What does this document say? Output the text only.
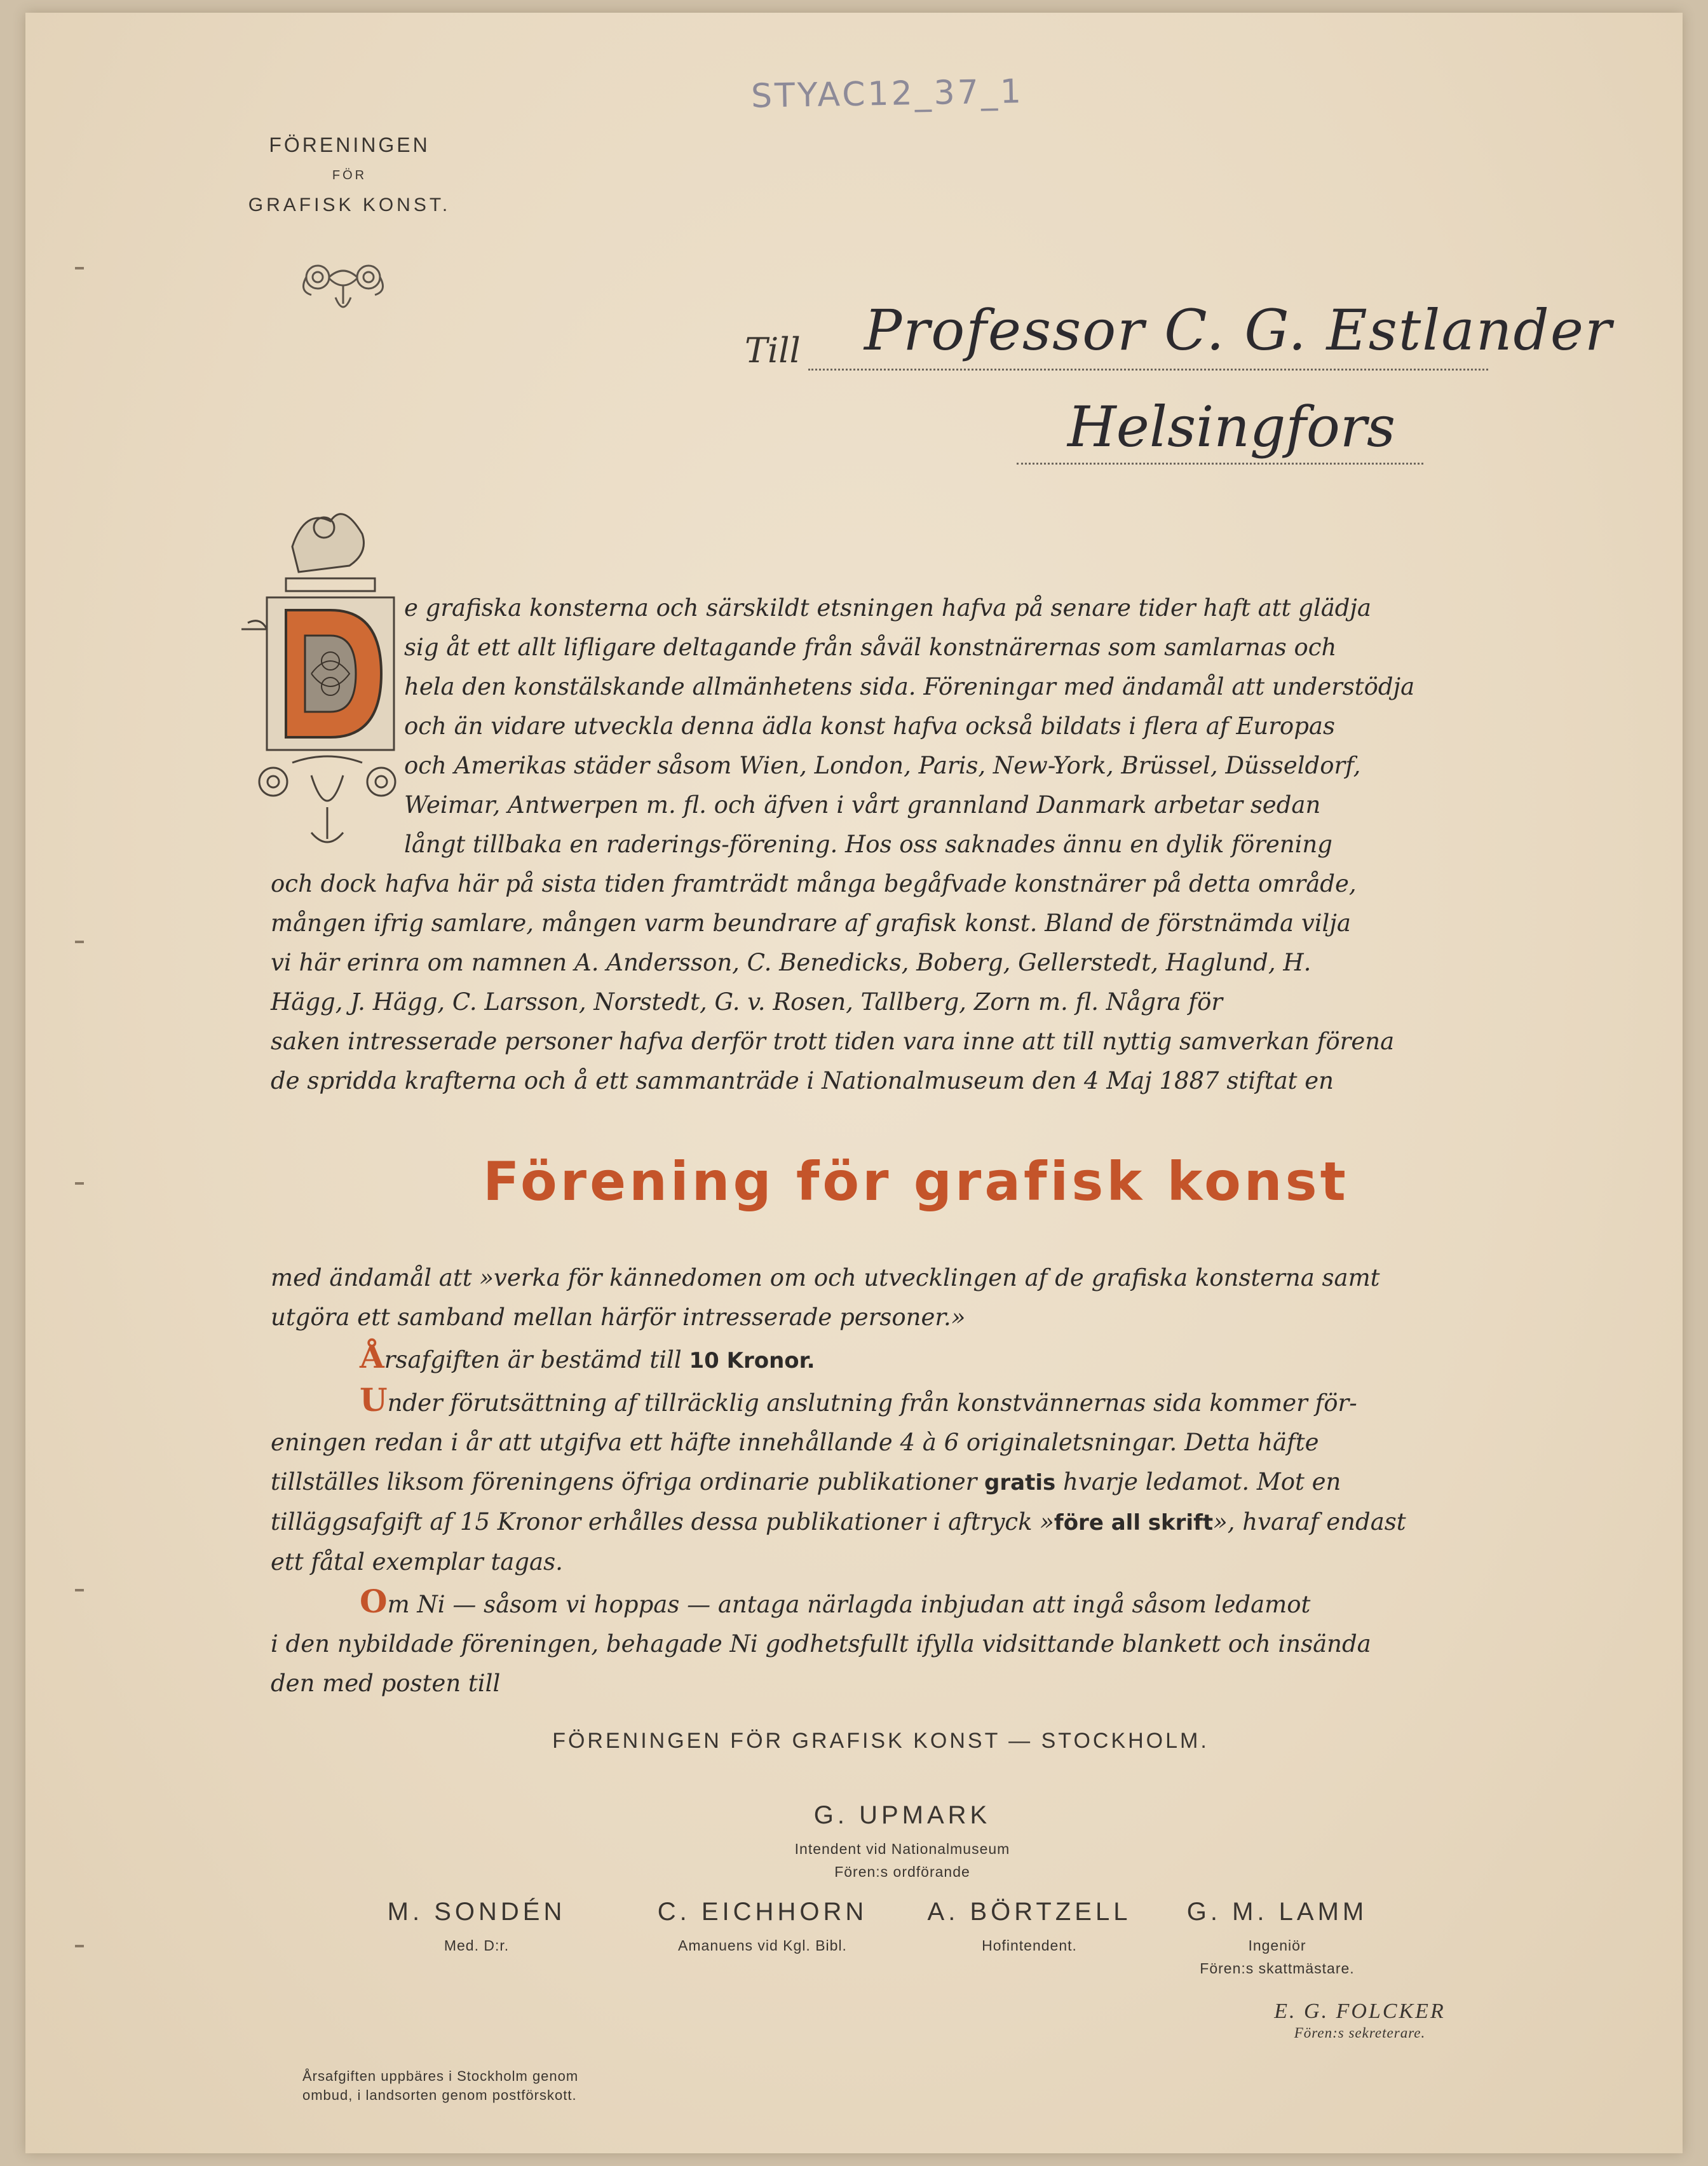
STYAC12_37_1
FÖRENINGEN
FÖR
GRAFISK KONST.
Till Professor C. G. Estlander
Helsingfors
e grafiska konsterna och särskildt etsningen hafva på senare tider haft att glädja
sig åt ett allt lifligare deltagande från såväl konstnärernas som samlarnas och
hela den konstälskande allmänhetens sida. Föreningar med ändamål att understödja
och än vidare utveckla denna ädla konst hafva också bildats i flera af Europas
och Amerikas städer såsom Wien, London, Paris, New-York, Brüssel, Düsseldorf,
Weimar, Antwerpen m. fl. och äfven i vårt grannland Danmark arbetar sedan
långt tillbaka en raderings-förening. Hos oss saknades ännu en dylik förening
och dock hafva här på sista tiden framträdt många begåfvade konstnärer på detta område,
mången ifrig samlare, mången varm beundrare af grafisk konst. Bland de förstnämda vilja
vi här erinra om namnen A. Andersson, C. Benedicks, Boberg, Gellerstedt, Haglund, H.
Hägg, J. Hägg, C. Larsson, Norstedt, G. v. Rosen, Tallberg, Zorn m. fl. Några för
saken intresserade personer hafva derför trott tiden vara inne att till nyttig samverkan förena
de spridda krafterna och å ett sammanträde i Nationalmuseum den 4 Maj 1887 stiftat en
Förening för grafisk konst
med ändamål att »verka för kännedomen om och utvecklingen af de grafiska konsterna samt
utgöra ett samband mellan härför intresserade personer.»
Årsafgiften är bestämd till 10 Kronor.
Under förutsättning af tillräcklig anslutning från konstvännernas sida kommer för-
eningen redan i år att utgifva ett häfte innehållande 4 à 6 originaletsningar. Detta häfte
tillställes liksom föreningens öfriga ordinarie publikationer gratis hvarje ledamot. Mot en
tilläggsafgift af 15 Kronor erhålles dessa publikationer i aftryck »före all skrift», hvaraf endast
ett fåtal exemplar tagas.
Om Ni — såsom vi hoppas — antaga närlagda inbjudan att ingå såsom ledamot
i den nybildade föreningen, behagade Ni godhetsfullt ifylla vidsittande blankett och insända
den med posten till
FÖRENINGEN FÖR GRAFISK KONST — STOCKHOLM.
G. UPMARK
Intendent vid Nationalmuseum
Fören:s ordförande
M. SONDÉN
Med. D:r.
C. EICHHORN
Amanuens vid Kgl. Bibl.
A. BÖRTZELL
Hofintendent.
G. M. LAMM
Ingeniör
Fören:s skattmästare.
Årsafgiften uppbäres i Stockholm genom
ombud, i landsorten genom postförskott.
E. G. FOLCKER
Fören:s sekreterare.
